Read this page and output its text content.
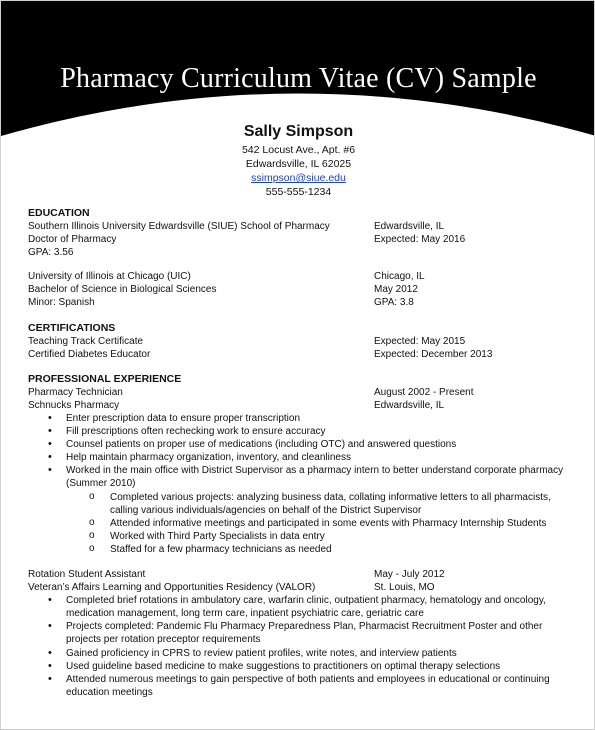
Pharmacy Curriculum Vitae (CV) Sample
Sally Simpson
542 Locust Ave., Apt. #6
Edwardsville, IL 62025
ssimpson@siue.edu
555-555-1234
EDUCATION
Southern Illinois University Edwardsville (SIUE) School of Pharmacy	Edwardsville, IL
Doctor of Pharmacy	Expected: May 2016
GPA: 3.56
University of Illinois at Chicago (UIC)	Chicago, IL
Bachelor of Science in Biological Sciences	May 2012
Minor: Spanish	GPA: 3.8
CERTIFICATIONS
Teaching Track Certificate	Expected: May 2015
Certified Diabetes Educator	Expected: December 2013
PROFESSIONAL EXPERIENCE
Pharmacy Technician	August 2002 - Present
Schnucks Pharmacy	Edwardsville, IL
• Enter prescription data to ensure proper transcription
• Fill prescriptions often rechecking work to ensure accuracy
• Counsel patients on proper use of medications (including OTC) and answered questions
• Help maintain pharmacy organization, inventory, and cleanliness
• Worked in the main office with District Supervisor as a pharmacy intern to better understand corporate pharmacy (Summer 2010)
o Completed various projects: analyzing business data, collating informative letters to all pharmacists, calling various individuals/agencies on behalf of the District Supervisor
o Attended informative meetings and participated in some events with Pharmacy Internship Students
o Worked with Third Party Specialists in data entry
o Staffed for a few pharmacy technicians as needed
Rotation Student Assistant	May - July 2012
Veteran’s Affairs Learning and Opportunities Residency (VALOR)	St. Louis, MO
• Completed brief rotations in ambulatory care, warfarin clinic, outpatient pharmacy, hematology and oncology, medication management, long term care, inpatient psychiatric care, geriatric care
• Projects completed: Pandemic Flu Pharmacy Preparedness Plan, Pharmacist Recruitment Poster and other projects per rotation preceptor requirements
• Gained proficiency in CPRS to review patient profiles, write notes, and interview patients
• Used guideline based medicine to make suggestions to practitioners on optimal therapy selections
• Attended numerous meetings to gain perspective of both patients and employees in educational or continuing education meetings
